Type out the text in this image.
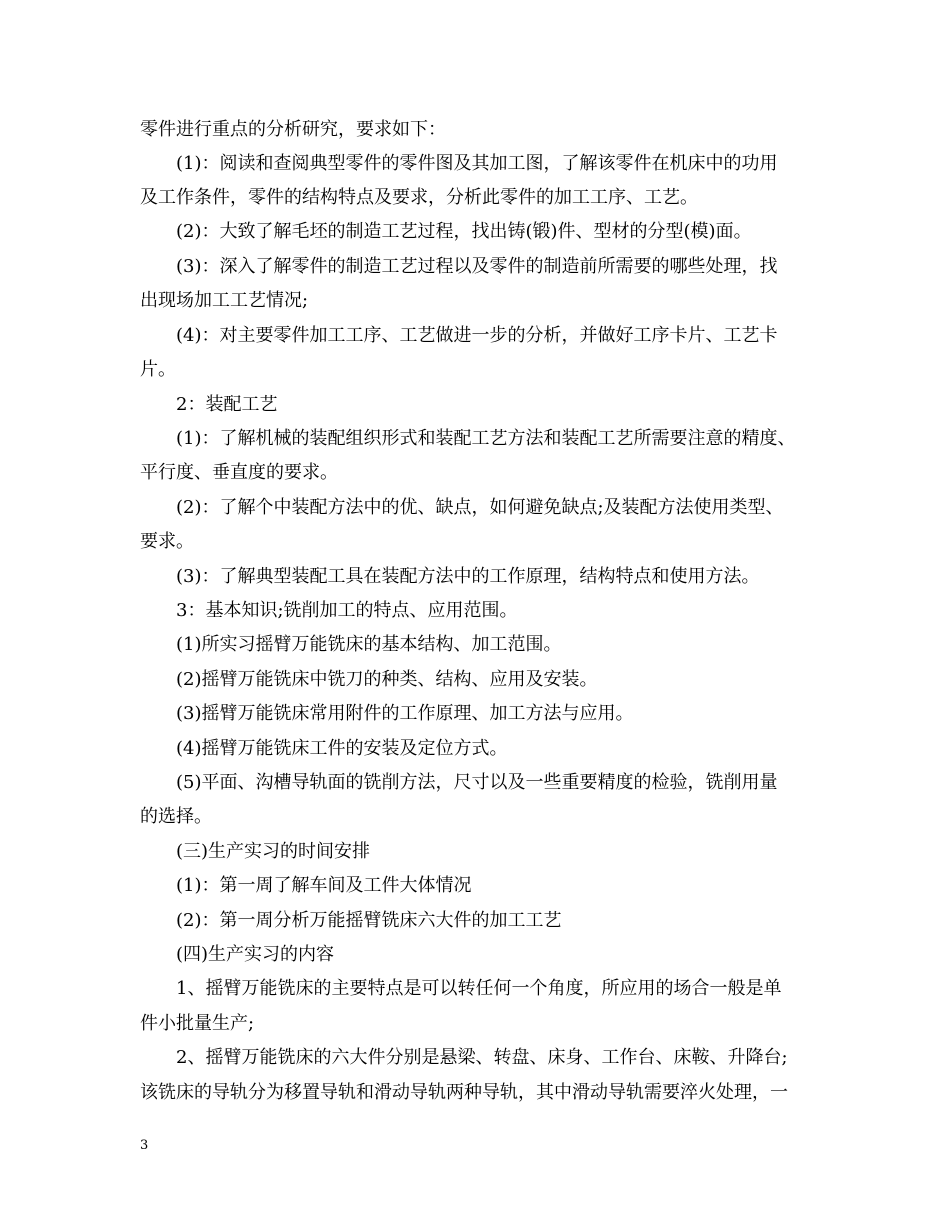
零件进行重点的分析研究，要求如下：
(1)：阅读和查阅典型零件的零件图及其加工图，了解该零件在机床中的功用
及工作条件，零件的结构特点及要求，分析此零件的加工工序、工艺。
(2)：大致了解毛坯的制造工艺过程，找出铸(锻)件、型材的分型(模)面。
(3)：深入了解零件的制造工艺过程以及零件的制造前所需要的哪些处理，找
出现场加工工艺情况;
(4)：对主要零件加工工序、工艺做进一步的分析，并做好工序卡片、工艺卡
片。
2：装配工艺
(1)：了解机械的装配组织形式和装配工艺方法和装配工艺所需要注意的精度、
平行度、垂直度的要求。
(2)：了解个中装配方法中的优、缺点，如何避免缺点;及装配方法使用类型、
要求。
(3)：了解典型装配工具在装配方法中的工作原理，结构特点和使用方法。
3：基本知识;铣削加工的特点、应用范围。
(1)所实习摇臂万能铣床的基本结构、加工范围。
(2)摇臂万能铣床中铣刀的种类、结构、应用及安装。
(3)摇臂万能铣床常用附件的工作原理、加工方法与应用。
(4)摇臂万能铣床工件的安装及定位方式。
(5)平面、沟槽导轨面的铣削方法，尺寸以及一些重要精度的检验，铣削用量
的选择。
(三)生产实习的时间安排
(1)：第一周了解车间及工件大体情况
(2)：第一周分析万能摇臂铣床六大件的加工工艺
(四)生产实习的内容
1、摇臂万能铣床的主要特点是可以转任何一个角度，所应用的场合一般是单
件小批量生产;
2、摇臂万能铣床的六大件分别是悬梁、转盘、床身、工作台、床鞍、升降台;
该铣床的导轨分为移置导轨和滑动导轨两种导轨，其中滑动导轨需要淬火处理，一
3
